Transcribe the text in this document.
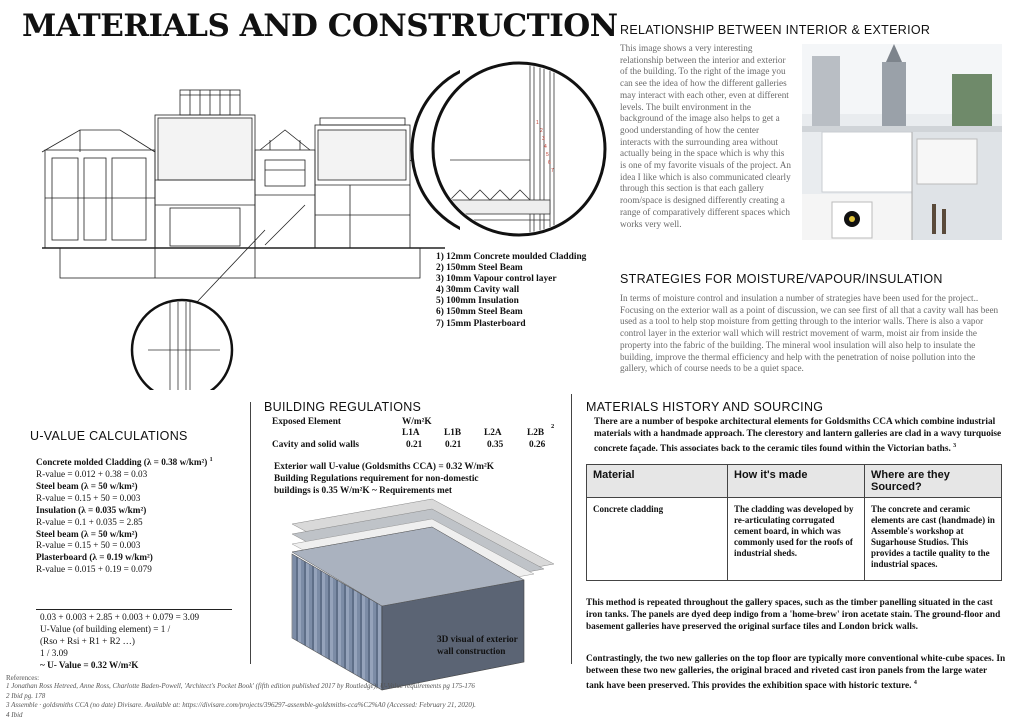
MATERIALS AND CONSTRUCTION
1
2
3
4
5
6
7
1) 12mm Concrete moulded Cladding
2) 150mm Steel Beam
3) 10mm Vapour control layer
4) 30mm Cavity wall
5) 100mm Insulation
6) 150mm Steel Beam
7) 15mm Plasterboard
RELATIONSHIP BETWEEN INTERIOR & EXTERIOR
This image shows a very interesting relationship between the interior and exterior of the building. To the right of the image you can see the idea of how the different galleries may interact with each other, even at different levels. The built environment in the background of the image also helps to get a good understanding of how the center interacts with the surrounding area without actually being in the space which is why this is one of my favorite visuals of the project. An idea I like which is also communicated clearly through this section is that each gallery room/space is designed differently creating a range of comparatively different spaces which works very well.
STRATEGIES FOR MOISTURE/VAPOUR/INSULATION
In terms of moisture control and insulation a number of strategies have been used for the project.. Focusing on the exterior wall as a point of discussion, we can see first of all that a cavity wall has been used as a tool to help stop moisture from getting through to the interior walls. There is also a vapor control layer in the exterior wall which will restrict movement of warm, moist air from inside the property into the fabric of the building. The mineral wool insulation will also help to insulate the building, improve the thermal efficiency and help with the penetration of noise pollution into the gallery, which of course needs to be a quiet space.
U-VALUE CALCULATIONS
Concrete molded Cladding (λ = 0.38 w/km²) $^1$
R-value = 0.012 + 0.38 = 0.03
Steel beam (λ = 50 w/km²)
R-value = 0.15 + 50 = 0.003
Insulation (λ = 0.035 w/km²)
R-value = 0.1 + 0.035 = 2.85
Steel beam (λ = 50 w/km²)
R-value = 0.15 + 50 = 0.003
Plasterboard (λ = 0.19 w/km²)
R-value = 0.015 + 0.19 = 0.079
0.03 + 0.003 + 2.85 + 0.003 + 0.079 = 3.09
U-Value (of building element) = 1 /
(Rso + Rsi + R1 + R2 …)
1 / 3.09
~ U- Value = 0.32 W/m²K
BUILDING REGULATIONS
Exposed Element	W/m²K
L1A	L1B L2A	L2B
2
Cavity and solid walls	0.21 0.21	0.35	0.26
Exterior wall U-value (Goldsmiths CCA) = 0.32 W/m²K
Building Regulations requirement for non-domestic
buildings is 0.35 W/m²K ~ Requirements met
3D visual of exterior wall construction
MATERIALS HISTORY AND SOURCING
There are a number of bespoke architectural elements for Goldsmiths CCA which combine industrial materials with a handmade approach. The clerestory and lantern galleries are clad in a wavy turquoise concrete façade. This associates back to the ceramic tiles found within the Victorian baths. $^3$
Material	How it's made	Where are they Sourced?
Concrete cladding	The cladding was developed by re-articulating corrugated cement board, in which was commonly used for the roofs of industrial sheds.	The concrete and ceramic elements are cast (handmade) in Assemble's workshop at Sugarhouse Studios. This provides a tactile quality to the industrial spaces.
This method is repeated throughout the gallery spaces, such as the timber panelling situated in the cast iron tanks. The panels are dyed deep indigo from a 'home-brew' iron acetate stain. The ground-floor and basement galleries have preserved the original surface tiles and London brick walls.
Contrastingly, the two new galleries on the top floor are typically more conventional white-cube spaces. In between these two new galleries, the original braced and riveted cast iron panels from the large water tank have been preserved. This provides the exhibition space with historic texture. $^4$
References:
1 Jonathan Ross Hetreed, Anne Ross, Charlotte Baden-Powell, 'Architect's Pocket Book' (fifth edition published 2017 by Routledge); U-Value requirements pg 175-176
2 Ibid pg. 178
3 Assemble · goldsmiths CCA (no date) Divisare. Available at: https://divisare.com/projects/396297-assemble-goldsmiths-cca%C2%A0 (Accessed: February 21, 2020).
4 Ibid
